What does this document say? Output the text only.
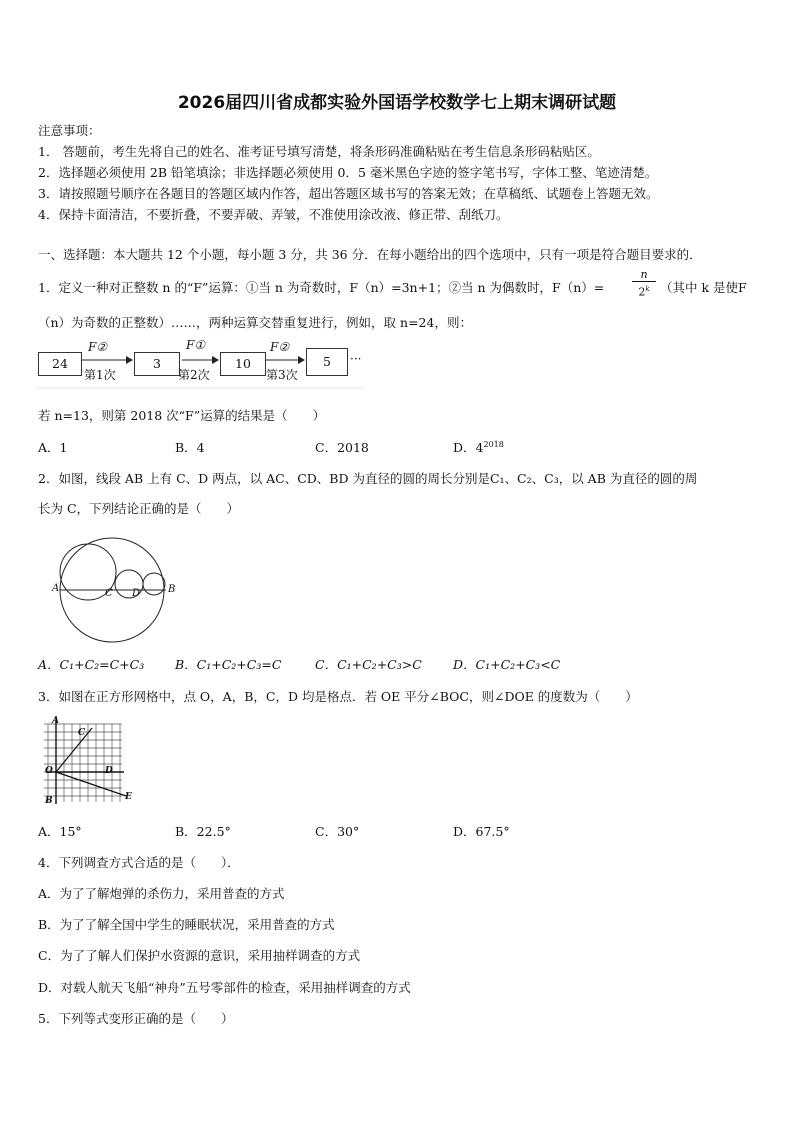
2026届四川省成都实验外国语学校数学七上期末调研试题
注意事项：
1． 答题前，考生先将自己的姓名、准考证号填写清楚，将条形码准确粘贴在考生信息条形码粘贴区。
2．选择题必须使用 2B 铅笔填涂；非选择题必须使用 0．5 毫米黑色字迹的签字笔书写，字体工整、笔迹清楚。
3．请按照题号顺序在各题目的答题区域内作答，超出答题区域书写的答案无效；在草稿纸、试题卷上答题无效。
4．保持卡面清洁，不要折叠，不要弄破、弄皱，不准使用涂改液、修正带、刮纸刀。
一、选择题：本大题共 12 个小题，每小题 3 分，共 36 分．在每小题给出的四个选项中，只有一项是符合题目要求的．
1．定义一种对正整数 n 的“F”运算：①当 n 为奇数时，F（n）=3n+1；②当 n 为偶数时，F（n）=
n
2$^k$ （其中 k 是使F
（n）为奇数的正整数）……，两种运算交替重复进行，例如，取 n=24，则：
24	3	10	5
F②	F①	F②
第1次	第2次	第3次
···
若 n=13，则第 2018 次“F”运算的结果是（　　）
A．1	B．4	C．2018	D．$4^{2018}$
2．如图，线段 AB 上有 C、D 两点，以 AC、CD、BD 为直径的圆的周长分别是C₁、C₂、C₃，以 AB 为直径的圆的周
长为 C，下列结论正确的是（　　）
A	C D	B
A．C₁+C₂=C+C₃ B．C₁+C₂+C₃=C	C．C₁+C₂+C₃>C D．C₁+C₂+C₃<C
3．如图在正方形网格中，点 O，A，B，C，D 均是格点．若 OE 平分∠BOC，则∠DOE 的度数为（　　）
A
C
O	D
B	E
A．15°	B．22.5°	C．30°	D．67.5°
4．下列调查方式合适的是（　　）．
A．为了了解炮弹的杀伤力，采用普查的方式
B．为了了解全国中学生的睡眠状况，采用普查的方式
C．为了了解人们保护水资源的意识，采用抽样调查的方式
D．对载人航天飞船“神舟”五号零部件的检查，采用抽样调查的方式
5．下列等式变形正确的是（　　）
